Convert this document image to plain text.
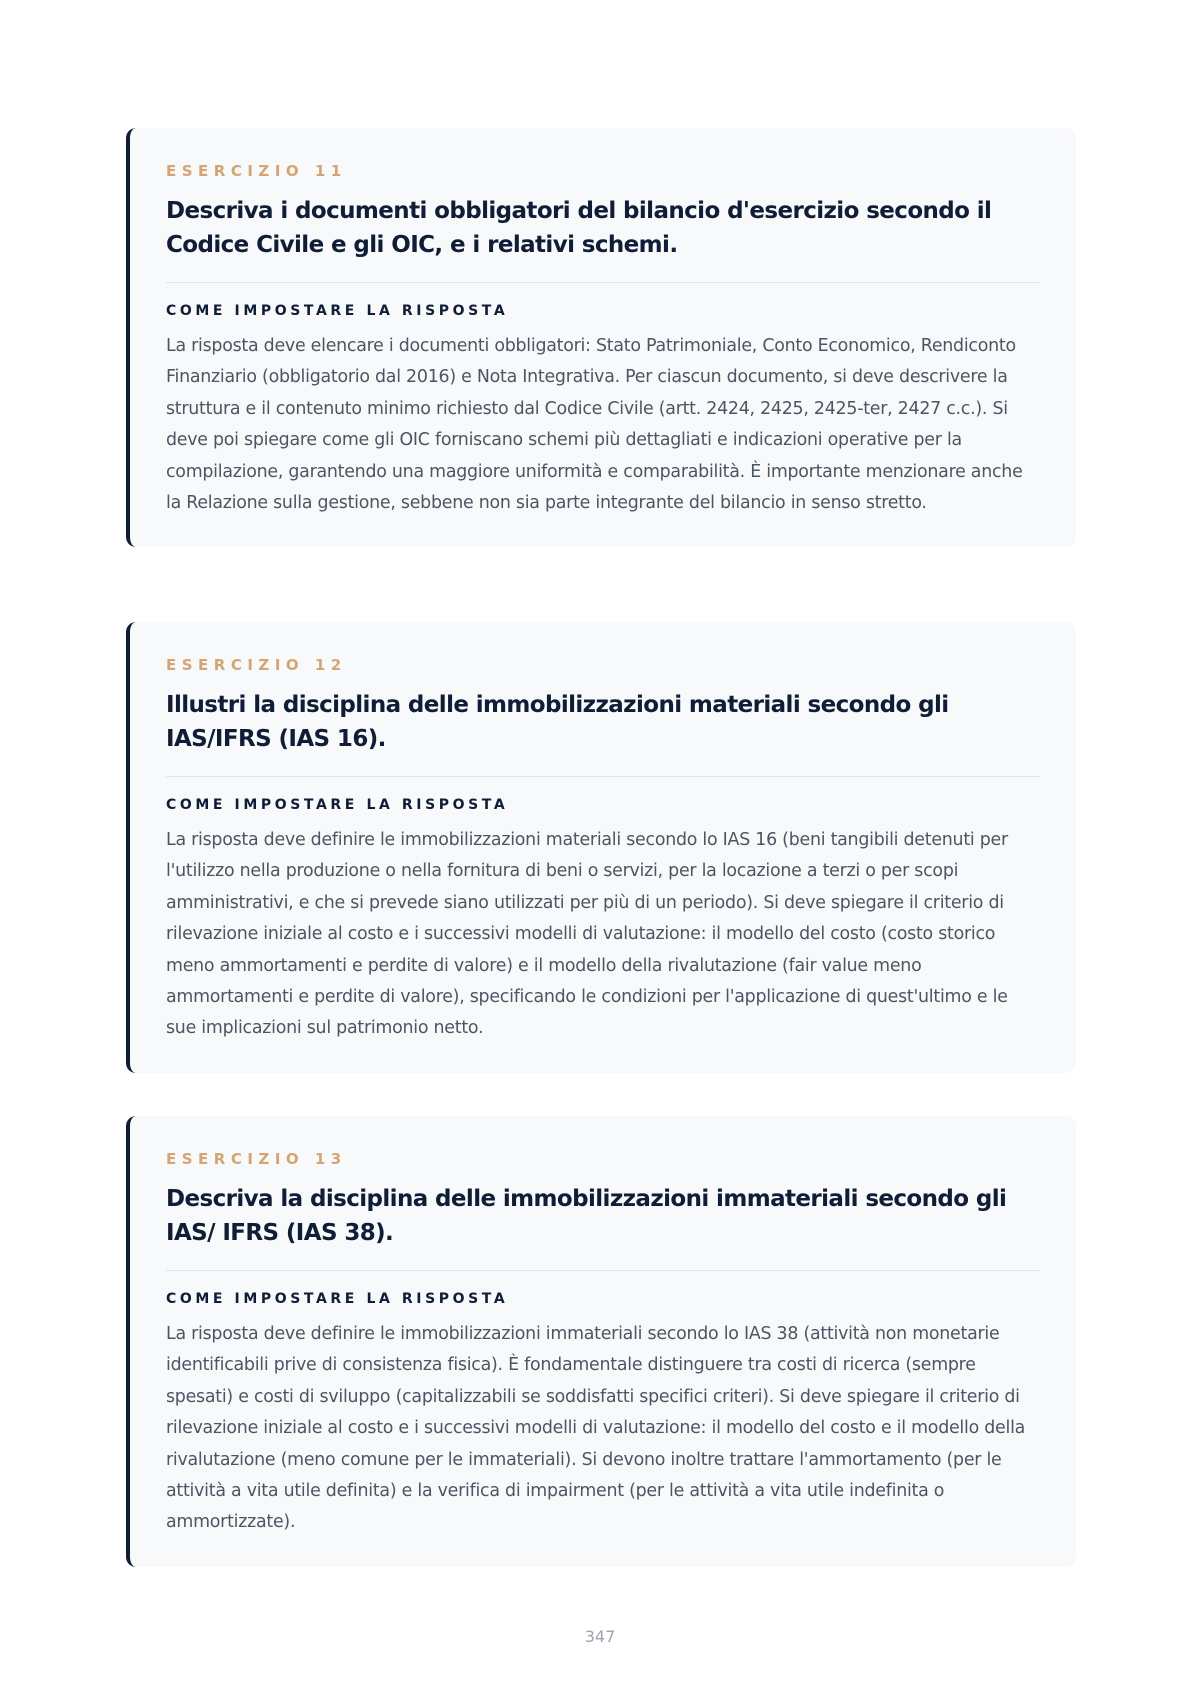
ESERCIZIO 11
Descriva i documenti obbligatori del bilancio d'esercizio secondo il Codice Civile e gli OIC, e i relativi schemi.
COME IMPOSTARE LA RISPOSTA

La risposta deve elencare i documenti obbligatori: Stato Patrimoniale, Conto Economico, Rendiconto Finanziario (obbligatorio dal 2016) e Nota Integrativa. Per ciascun documento, si deve descrivere la struttura e il contenuto minimo richiesto dal Codice Civile (artt. 2424, 2425, 2425-ter, 2427 c.c.). Si deve poi spiegare come gli OIC forniscano schemi più dettagliati e indicazioni operative per la compilazione, garantendo una maggiore uniformità e comparabilità. È importante menzionare anche la Relazione sulla gestione, sebbene non sia parte integrante del bilancio in senso stretto.

ESERCIZIO 12
Illustri la disciplina delle immobilizzazioni materiali secondo gli IAS/IFRS (IAS 16).
COME IMPOSTARE LA RISPOSTA

La risposta deve definire le immobilizzazioni materiali secondo lo IAS 16 (beni tangibili detenuti per l'utilizzo nella produzione o nella fornitura di beni o servizi, per la locazione a terzi o per scopi amministrativi, e che si prevede siano utilizzati per più di un periodo). Si deve spiegare il criterio di rilevazione iniziale al costo e i successivi modelli di valutazione: il modello del costo (costo storico meno ammortamenti e perdite di valore) e il modello della rivalutazione (fair value meno ammortamenti e perdite di valore), specificando le condizioni per l'applicazione di quest'ultimo e le sue implicazioni sul patrimonio netto.

ESERCIZIO 13
Descriva la disciplina delle immobilizzazioni immateriali secondo gli IAS/ IFRS (IAS 38).
COME IMPOSTARE LA RISPOSTA

La risposta deve definire le immobilizzazioni immateriali secondo lo IAS 38 (attività non monetarie identificabili prive di consistenza fisica). È fondamentale distinguere tra costi di ricerca (sempre spesati) e costi di sviluppo (capitalizzabili se soddisfatti specifici criteri). Si deve spiegare il criterio di rilevazione iniziale al costo e i successivi modelli di valutazione: il modello del costo e il modello della rivalutazione (meno comune per le immateriali). Si devono inoltre trattare l'ammortamento (per le attività a vita utile definita) e la verifica di impairment (per le attività a vita utile indefinita o ammortizzate).

347
